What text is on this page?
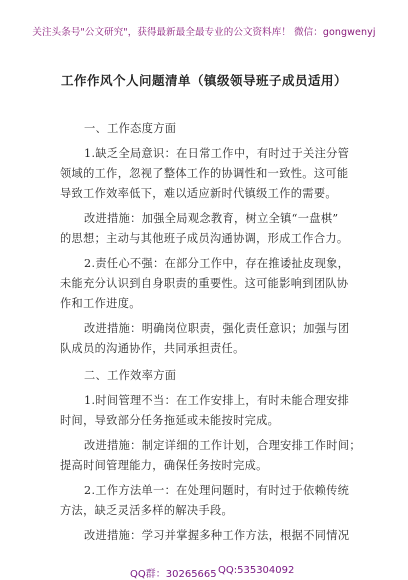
关注头条号"公文研究"，获得最新最全最专业的公文资料库！ 微信：gongwenyj
工作作风个人问题清单（镇级领导班子成员适用）
一、工作态度方面
1.缺乏全局意识：在日常工作中，有时过于关注分管
领域的工作，忽视了整体工作的协调性和一致性。这可能
导致工作效率低下，难以适应新时代镇级工作的需要。
改进措施：加强全局观念教育，树立全镇“一盘棋”
的思想；主动与其他班子成员沟通协调，形成工作合力。
2.责任心不强：在部分工作中，存在推诿扯皮现象，
未能充分认识到自身职责的重要性。这可能影响到团队协
作和工作进度。
改进措施：明确岗位职责，强化责任意识；加强与团
队成员的沟通协作，共同承担责任。
二、工作效率方面
1.时间管理不当：在工作安排上，有时未能合理安排
时间，导致部分任务拖延或未能按时完成。
改进措施：制定详细的工作计划，合理安排工作时间；
提高时间管理能力，确保任务按时完成。
2.工作方法单一：在处理问题时，有时过于依赖传统
方法，缺乏灵活多样的解决手段。
改进措施：学习并掌握多种工作方法，根据不同情况
QQ群：30265665 QQ:535304092
